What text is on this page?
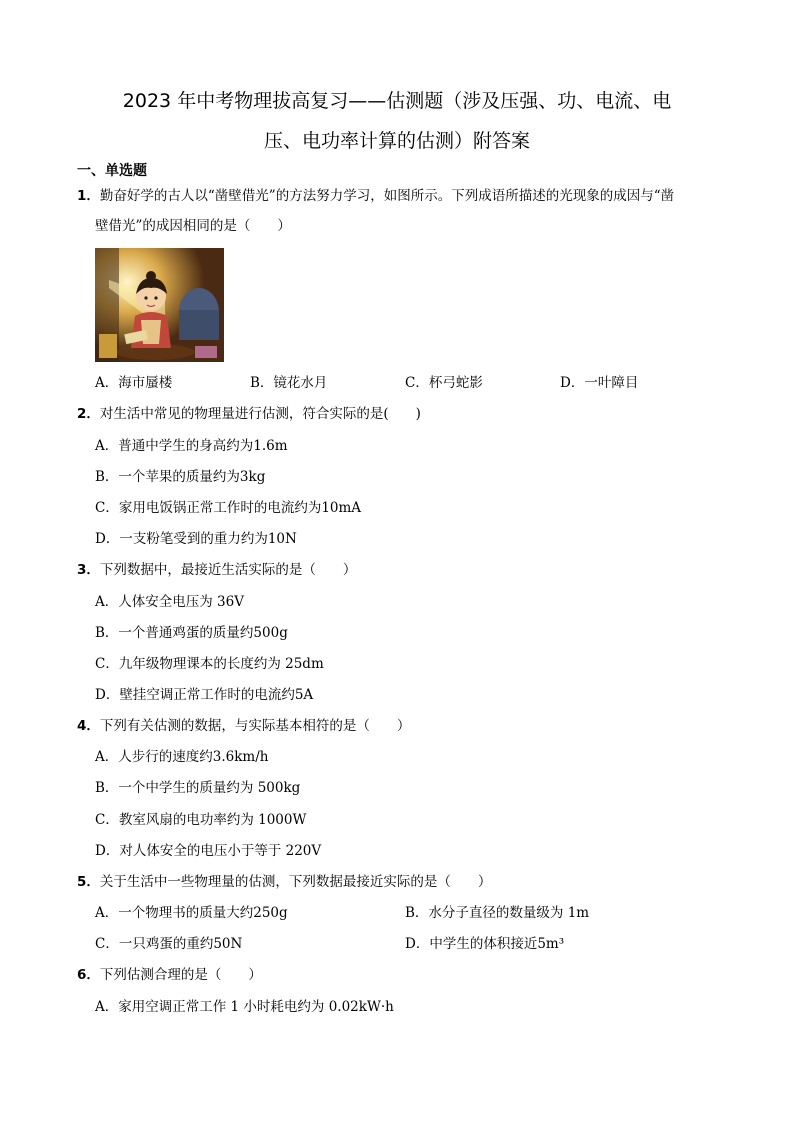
2023 年中考物理拔高复习——估测题（涉及压强、功、电流、电
压、电功率计算的估测）附答案
一、单选题
1．勤奋好学的古人以“凿壁借光”的方法努力学习，如图所示。下列成语所描述的光现象的成因与“凿
壁借光”的成因相同的是（　　）
A．海市蜃楼	B．镜花水月	C．杯弓蛇影	D．一叶障目
2．对生活中常见的物理量进行估测，符合实际的是(　　)
A．普通中学生的身高约为1.6m
B．一个苹果的质量约为3kg
C．家用电饭锅正常工作时的电流约为10mA
D．一支粉笔受到的重力约为10N
3．下列数据中，最接近生活实际的是（　　）
A．人体安全电压为 36V
B．一个普通鸡蛋的质量约500g
C．九年级物理课本的长度约为 25dm
D．壁挂空调正常工作时的电流约5A
4．下列有关估测的数据，与实际基本相符的是（　　）
A．人步行的速度约3.6km/h
B．一个中学生的质量约为 500kg
C．教室风扇的电功率约为 1000W
D．对人体安全的电压小于等于 220V
5．关于生活中一些物理量的估测，下列数据最接近实际的是（　　）
A．一个物理书的质量大约250g	B．水分子直径的数量级为 1m
C．一只鸡蛋的重约50N	D．中学生的体积接近5m³
6．下列估测合理的是（　　）
A．家用空调正常工作 1 小时耗电约为 0.02kW·h
